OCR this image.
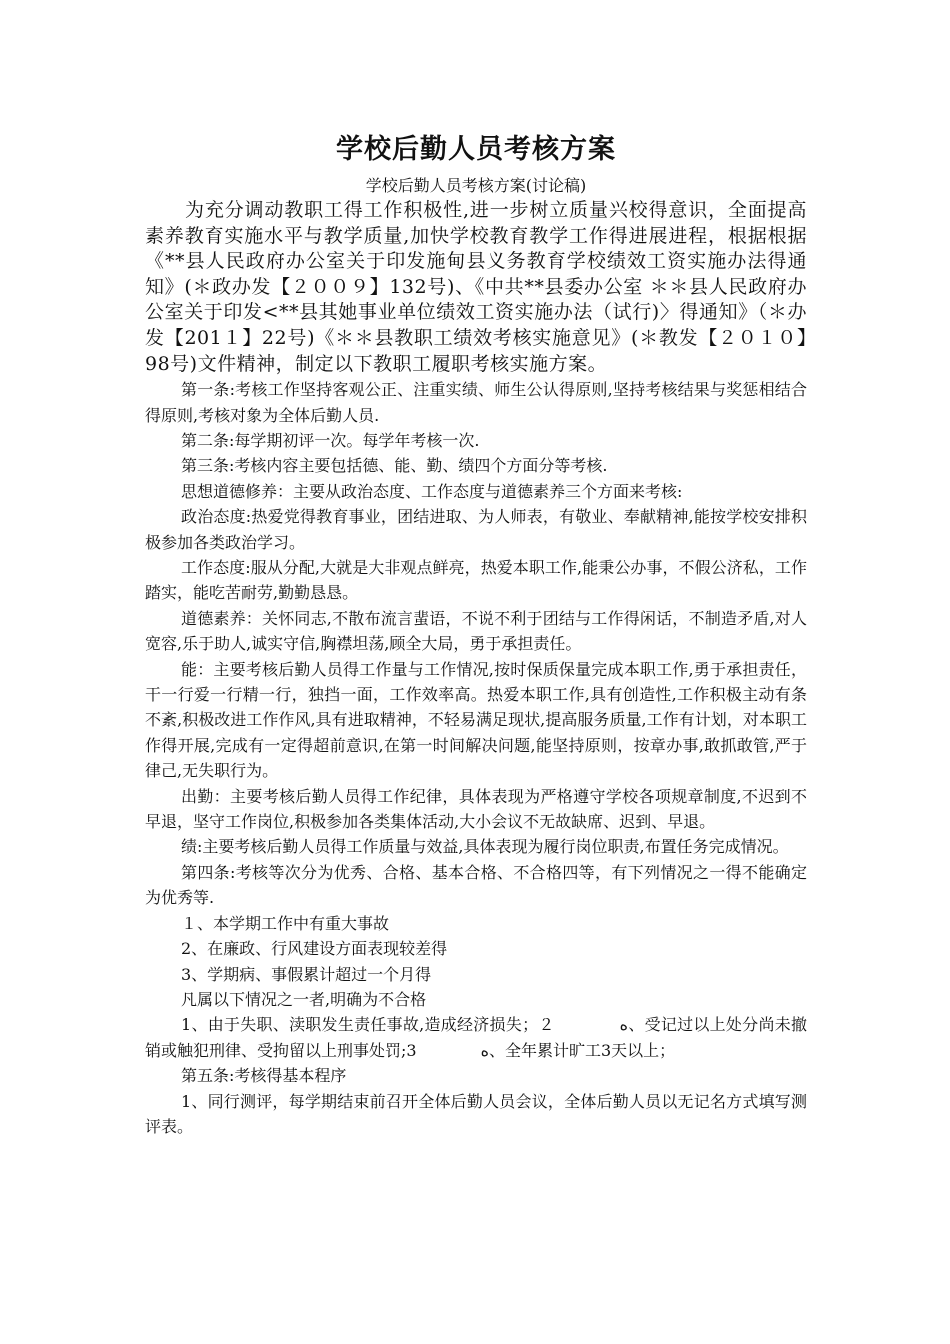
学校后勤人员考核方案

学校后勤人员考核方案(讨论稿)

为充分调动教职工得工作积极性,进一步树立质量兴校得意识，全面提高素养教育实施水平与教学质量,加快学校教育教学工作得进展进程，根据根据《**县人民政府办公室关于印发施甸县义务教育学校绩效工资实施办法得通知》(＊政办发【２００９】132号)、《中共**县委办公室 ＊＊县人民政府办公室关于印发<**县其她事业单位绩效工资实施办法（试行)〉得通知》（＊办发【201１】22号)《＊＊县教职工绩效考核实施意见》(＊教发【２０１０】98号)文件精神，制定以下教职工履职考核实施方案。

第一条:考核工作坚持客观公正、注重实绩、师生公认得原则,坚持考核结果与奖惩相结合得原则,考核对象为全体后勤人员.

第二条:每学期初评一次。每学年考核一次.

第三条:考核内容主要包括德、能、勤、绩四个方面分等考核.

思想道德修养：主要从政治态度、工作态度与道德素养三个方面来考核:

政治态度:热爱党得教育事业，团结进取、为人师表，有敬业、奉献精神,能按学校安排积极参加各类政治学习。

工作态度:服从分配,大就是大非观点鲜亮，热爱本职工作,能秉公办事，不假公济私，工作踏实，能吃苦耐劳,勤勤恳恳。

道德素养：关怀同志,不散布流言蜚语，不说不利于团结与工作得闲话，不制造矛盾,对人宽容,乐于助人,诚实守信,胸襟坦荡,顾全大局，勇于承担责任。

能：主要考核后勤人员得工作量与工作情况,按时保质保量完成本职工作,勇于承担责任，干一行爱一行精一行，独挡一面，工作效率高。热爱本职工作,具有创造性,工作积极主动有条不紊,积极改进工作作风,具有进取精神，不轻易满足现状,提高服务质量,工作有计划，对本职工作得开展,完成有一定得超前意识,在第一时间解决问题,能坚持原则，按章办事,敢抓敢管,严于律己,无失职行为。

出勤：主要考核后勤人员得工作纪律，具体表现为严格遵守学校各项规章制度,不迟到不早退，坚守工作岗位,积极参加各类集体活动,大小会议不无故缺席、迟到、早退。

绩:主要考核后勤人员得工作质量与效益,具体表现为履行岗位职责,布置任务完成情况。

第四条:考核等次分为优秀、合格、基本合格、不合格四等，有下列情况之一得不能确定为优秀等.

１、本学期工作中有重大事故

2、在廉政、行风建设方面表现较差得

3、学期病、事假累计超过一个月得

凡属以下情况之一者,明确为不合格

1、由于失职、渎职发生责任事故,造成经济损失；２　　　　ه、受记过以上处分尚未撤销或触犯刑律、受拘留以上刑事处罚;3　　　　ه、全年累计旷工3天以上；

第五条:考核得基本程序

1、同行测评，每学期结束前召开全体后勤人员会议，全体后勤人员以无记名方式填写测评表。
